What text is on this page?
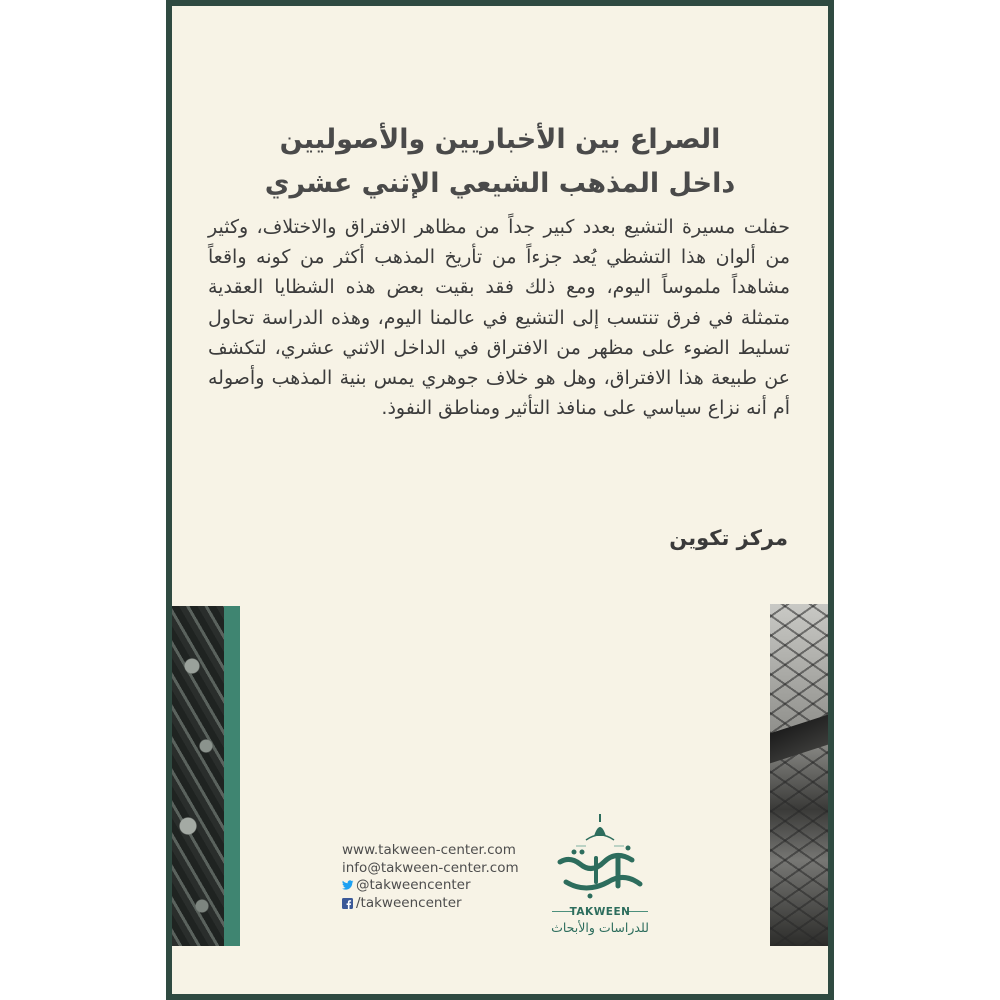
الصراع بين الأخباريين والأصوليين
داخل المذهب الشيعي الإثني عشري
حفلت مسيرة التشيع بعدد كبير جداً من مظاهر الافتراق والاختلاف، وكثير من ألوان هذا التشظي يُعد جزءاً من تأريخ المذهب أكثر من كونه واقعاً مشاهداً ملموساً اليوم، ومع ذلك فقد بقيت بعض هذه الشظايا العقدية متمثلة في فرق تنتسب إلى التشيع في عالمنا اليوم، وهذه الدراسة تحاول تسليط الضوء على مظهر من الافتراق في الداخل الاثني عشري، لتكشف عن طبيعة هذا الافتراق، وهل هو خلاف جوهري يمس بنية المذهب وأصوله أم أنه نزاع سياسي على منافذ التأثير ومناطق النفوذ.
مركز تكوين
www.takween-center.com
info@takween-center.com
@takweencenter
/takweencenter
TAKWEEN
للدراسات والأبحاث
